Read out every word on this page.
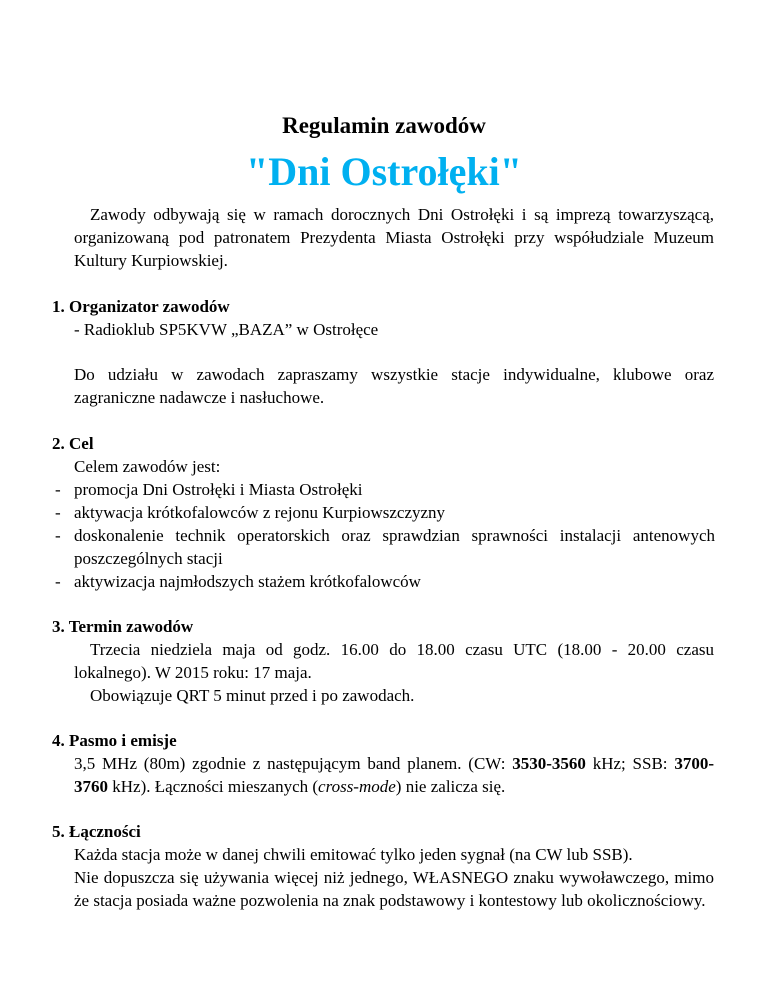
Regulamin zawodów
"Dni Ostrołęki"
Zawody odbywają się w ramach dorocznych Dni Ostrołęki i są imprezą towarzyszącą, organizowaną pod patronatem Prezydenta Miasta Ostrołęki przy współudziale Muzeum Kultury Kurpiowskiej.
1. Organizator zawodów
- Radioklub SP5KVW „BAZA” w Ostrołęce
Do udziału w zawodach zapraszamy wszystkie stacje indywidualne, klubowe oraz zagraniczne nadawcze i nasłuchowe.
2. Cel
Celem zawodów jest:
- promocja Dni Ostrołęki i Miasta Ostrołęki
- aktywacja krótkofalowców z rejonu Kurpiowszczyzny
- doskonalenie technik operatorskich oraz sprawdzian sprawności instalacji antenowych poszczególnych stacji
- aktywizacja najmłodszych stażem krótkofalowców
3. Termin zawodów
Trzecia niedziela maja od godz. 16.00 do 18.00 czasu UTC (18.00 - 20.00 czasu lokalnego). W 2015 roku: 17 maja.
Obowiązuje QRT 5 minut przed i po zawodach.
4. Pasmo i emisje
3,5 MHz (80m) zgodnie z następującym band planem. (CW: 3530-3560 kHz; SSB: 3700-3760 kHz). Łączności mieszanych (cross-mode) nie zalicza się.
5. Łączności
Każda stacja może w danej chwili emitować tylko jeden sygnał (na CW lub SSB).
Nie dopuszcza się używania więcej niż jednego, WŁASNEGO znaku wywoławczego, mimo że stacja posiada ważne pozwolenia na znak podstawowy i kontestowy lub okolicznościowy.
